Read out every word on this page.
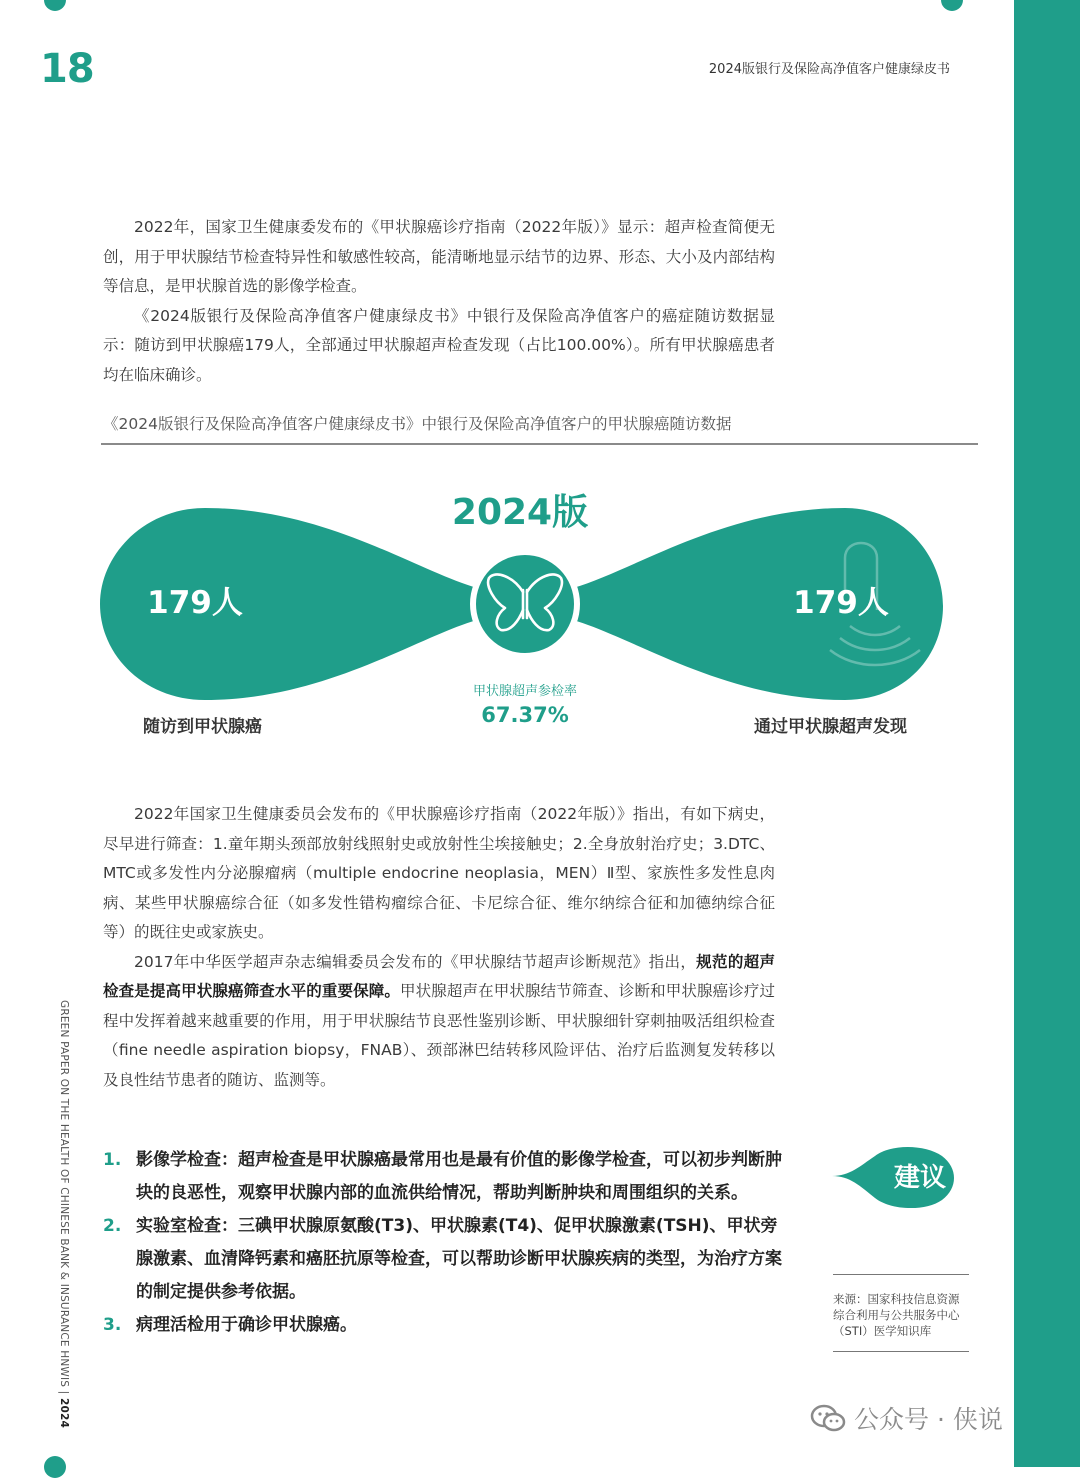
18	2024版银行及保险高净值客户健康绿皮书

2022年，国家卫生健康委发布的《甲状腺癌诊疗指南（2022年版）》显示：超声检查简便无创，用于甲状腺结节检查特异性和敏感性较高，能清晰地显示结节的边界、形态、大小及内部结构等信息，是甲状腺首选的影像学检查。

《2024版银行及保险高净值客户健康绿皮书》中银行及保险高净值客户的癌症随访数据显示：随访到甲状腺癌179人，全部通过甲状腺超声检查发现（占比100.00%）。所有甲状腺癌患者均在临床确诊。

《2024版银行及保险高净值客户健康绿皮书》中银行及保险高净值客户的甲状腺癌随访数据
179人	179人
2024版
随访到甲状腺癌	通过甲状腺超声发现
甲状腺超声参检率
67.37%

2022年国家卫生健康委员会发布的《甲状腺癌诊疗指南（2022年版）》指出，有如下病史，尽早进行筛查：1.童年期头颈部放射线照射史或放射性尘埃接触史；2.全身放射治疗史；3.DTC、MTC或多发性内分泌腺瘤病（multiple endocrine neoplasia，MEN）Ⅱ型、家族性多发性息肉病、某些甲状腺癌综合征（如多发性错构瘤综合征、卡尼综合征、维尔纳综合征和加德纳综合征等）的既往史或家族史。

2017年中华医学超声杂志编辑委员会发布的《甲状腺结节超声诊断规范》指出，规范的超声检查是提高甲状腺癌筛查水平的重要保障。甲状腺超声在甲状腺结节筛查、诊断和甲状腺癌诊疗过程中发挥着越来越重要的作用，用于甲状腺结节良恶性鉴别诊断、甲状腺细针穿刺抽吸活组织检查（fine needle aspiration biopsy，FNAB）、颈部淋巴结转移风险评估、治疗后监测复发转移以及良性结节患者的随访、监测等。

GREEN PAPER ON THE HEALTH OF CHINESE BANK & INSURANCE HNWIS | 2024
1. 影像学检查：超声检查是甲状腺癌最常用也是最有价值的影像学检查，可以初步判断肿块的良恶性，观察甲状腺内部的血流供给情况，帮助判断肿块和周围组织的关系。
2. 实验室检查：三碘甲状腺原氨酸(T3)、甲状腺素(T4)、促甲状腺激素(TSH)、甲状旁腺激素、血清降钙素和癌胚抗原等检查，可以帮助诊断甲状腺疾病的类型，为治疗方案的制定提供参考依据。
3. 病理活检用于确诊甲状腺癌。
建议
来源：国家科技信息资源综合利用与公共服务中心（STI）医学知识库
公众号 · 侠说
